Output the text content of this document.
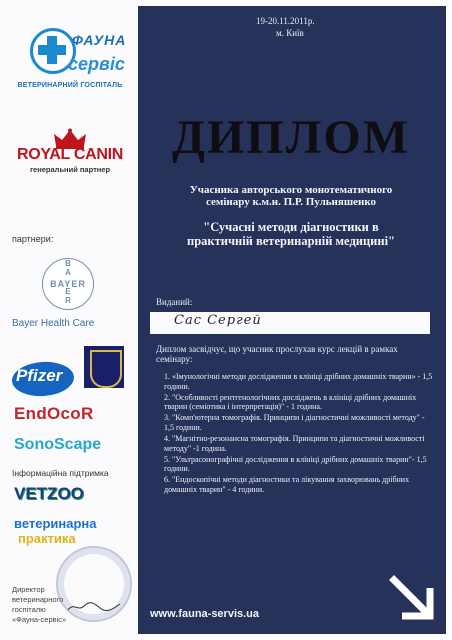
ФАУНА
сервіс
ВЕТЕРИНАРНИЙ ГОСПІТАЛЬ
ROYAL CANIN
генеральний партнер
партнери:
BAYER
B
A

E
R
Bayer Health Care
Pfizer
EndOcoR
SonoScape
Інформаційна підтримка
VETZOO
ветеринарна
практика
Директор
ветеринарного
госпіталю
«Фауна-сервіс»
19-20.11.2011р.
м. Київ
ДИПЛОМ
Учасника авторського монотематичного
семінару к.м.н. П.Р. Пульняшенко
"Сучасні методи діагностики в
практичній ветеринарній медицині"
Виданий:
Сас Сергей
Диплом засвідчує, що учасник прослухав курс лекцій в рамках семінару:
1. «Імунологічні методи дослідження в клініці дрібних домашніх тварин» - 1,5 години.
2. "Особливості рентгенологічних досліджень в клініці дрібних домашніх тварин (семіотика і інтерпретація)" - 1 година.
3. "Комп'ютерна томографія. Принципи і діагностичні можливості методу" - 1,5 години.
4. "Магнітно-резонансна томографія. Принципи та діагностичні можливості методу" -1 година.
5. "Ультрасонографічні дослідження в клініці дрібних домашніх тварин"- 1,5 години.
6. "Ендоскопічні методи діагностики та лікування захворювань дрібних домашніх тварин" - 4 години.
www.fauna-servis.ua
